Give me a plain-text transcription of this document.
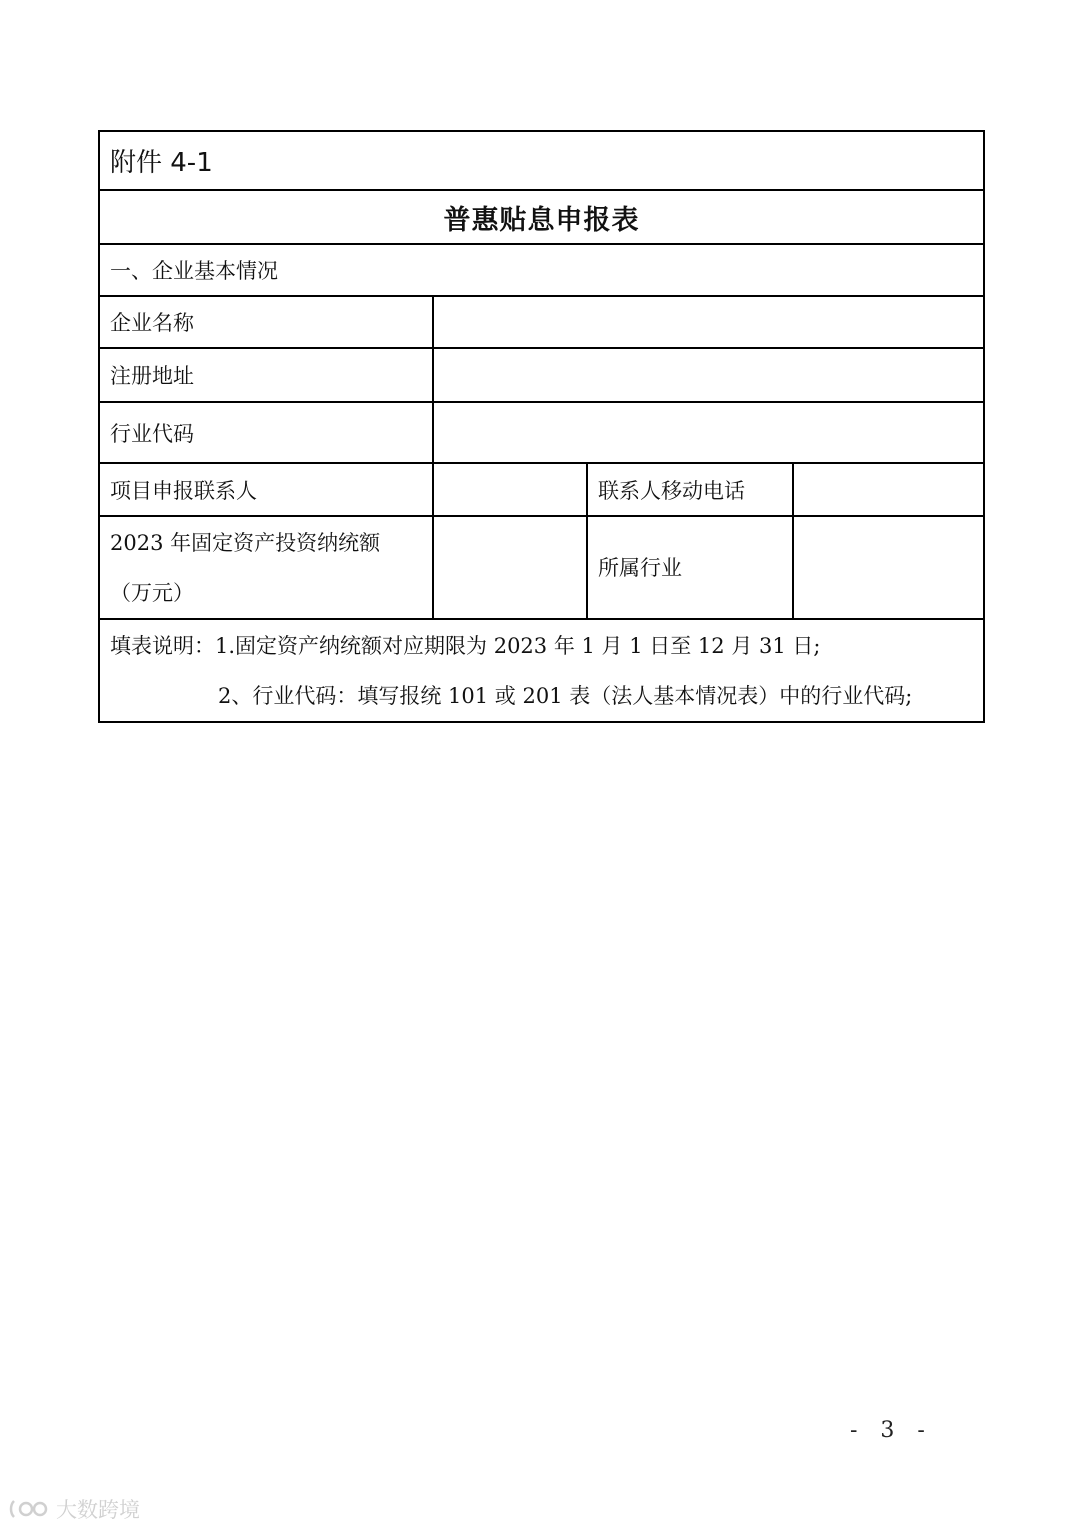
附件 4-1			
普惠贴息申报表			
一、企业基本情况			
企业名称			
注册地址			
行业代码			
项目申报联系人		联系人移动电话	
2023 年固定资产投资纳统额（万元）		所属行业	

填表说明：1.固定资产纳统额对应期限为 2023 年 1 月 1 日至 12 月 31 日;
2、行业代码：填写报统 101 或 201 表（法人基本情况表）中的行业代码;			
- 3 -
大数跨境
